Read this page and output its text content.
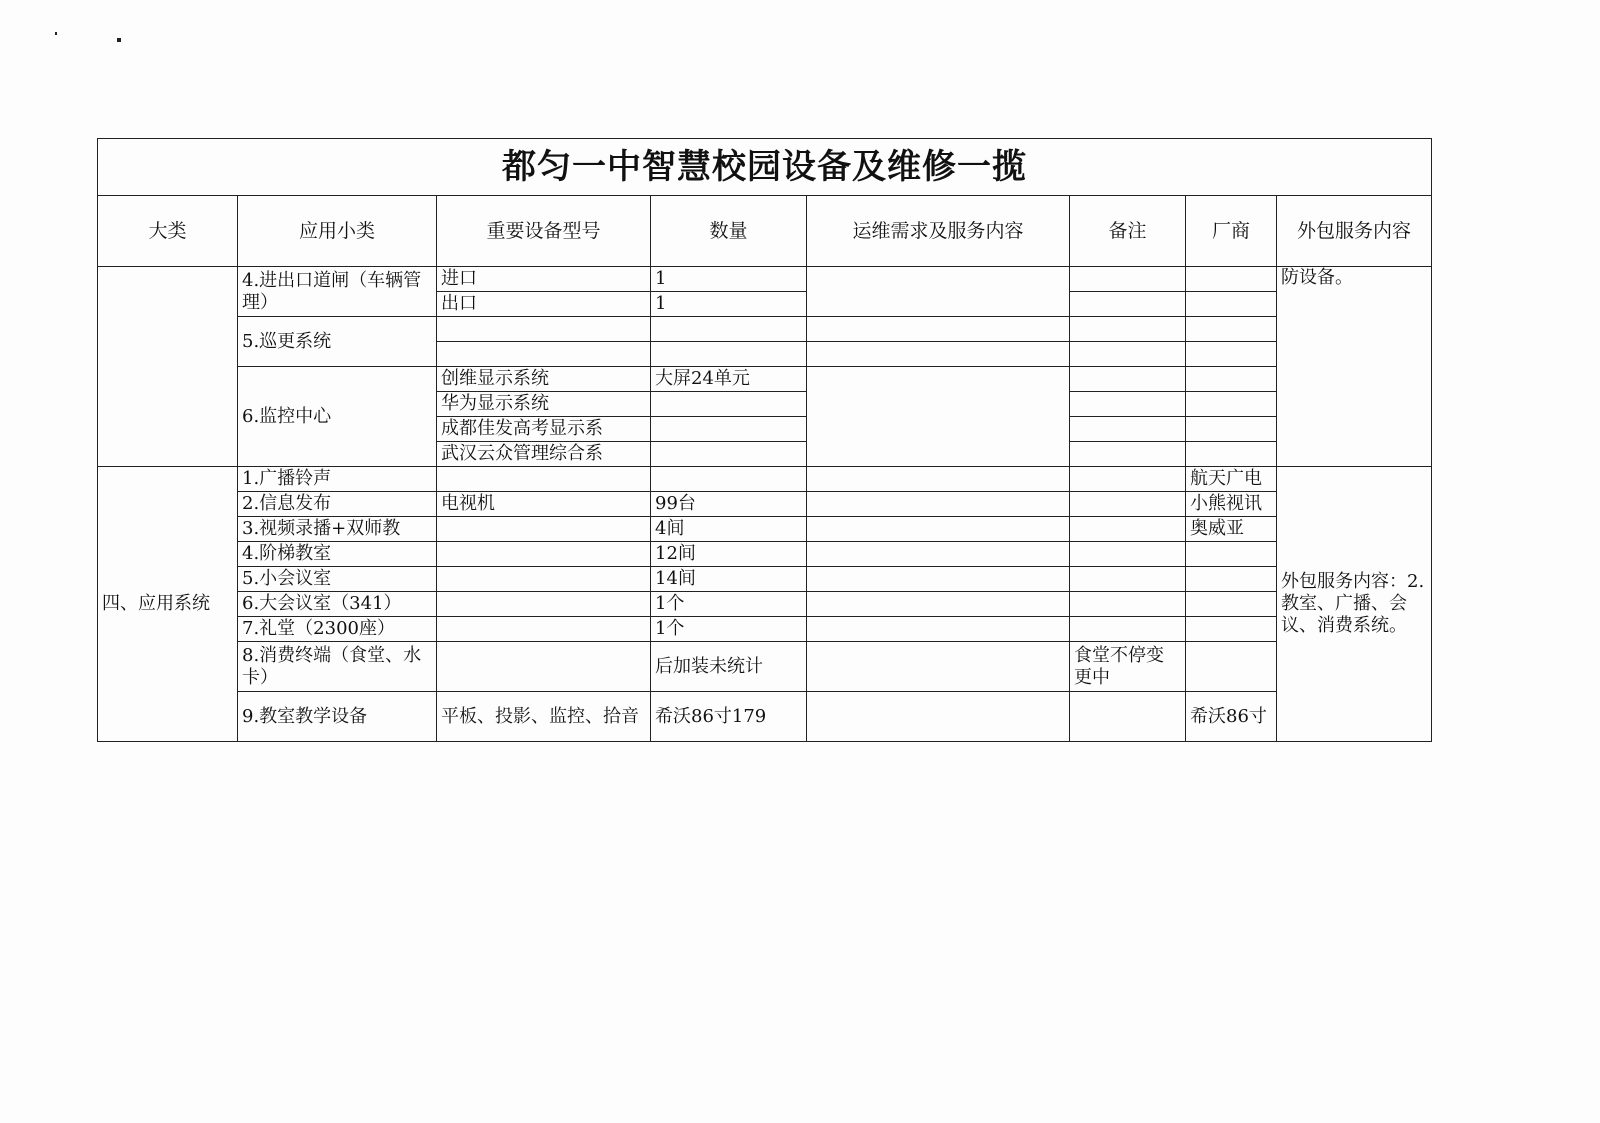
都匀一中智慧校园设备及维修一揽							
大类	应用小类	重要设备型号	数量	运维需求及服务内容	备注	厂商	外包服务内容
	4.进出口道闸（车辆管理）	进口	1				防设备。
		出口	1				
	5.巡更系统						

	6.监控中心	创维显示系统	大屏24单元				
		华为显示系统					
		成都佳发高考显示系					
		武汉云众管理综合系					
四、应用系统	1.广播铃声					航天广电	外包服务内容：2.教室、广播、会议、消费系统。
	2.信息发布	电视机	99台			小熊视讯	
	3.视频录播+双师教		4间			奥威亚	
	4.阶梯教室		12间				
	5.小会议室		14间				
	6.大会议室（341）		1个				
	7.礼堂（2300座）		1个				
	8.消费终端（食堂、水卡）		后加装未统计		食堂不停变更中		
	9.教室教学设备	平板、投影、监控、拾音	希沃86寸179			希沃86寸	
